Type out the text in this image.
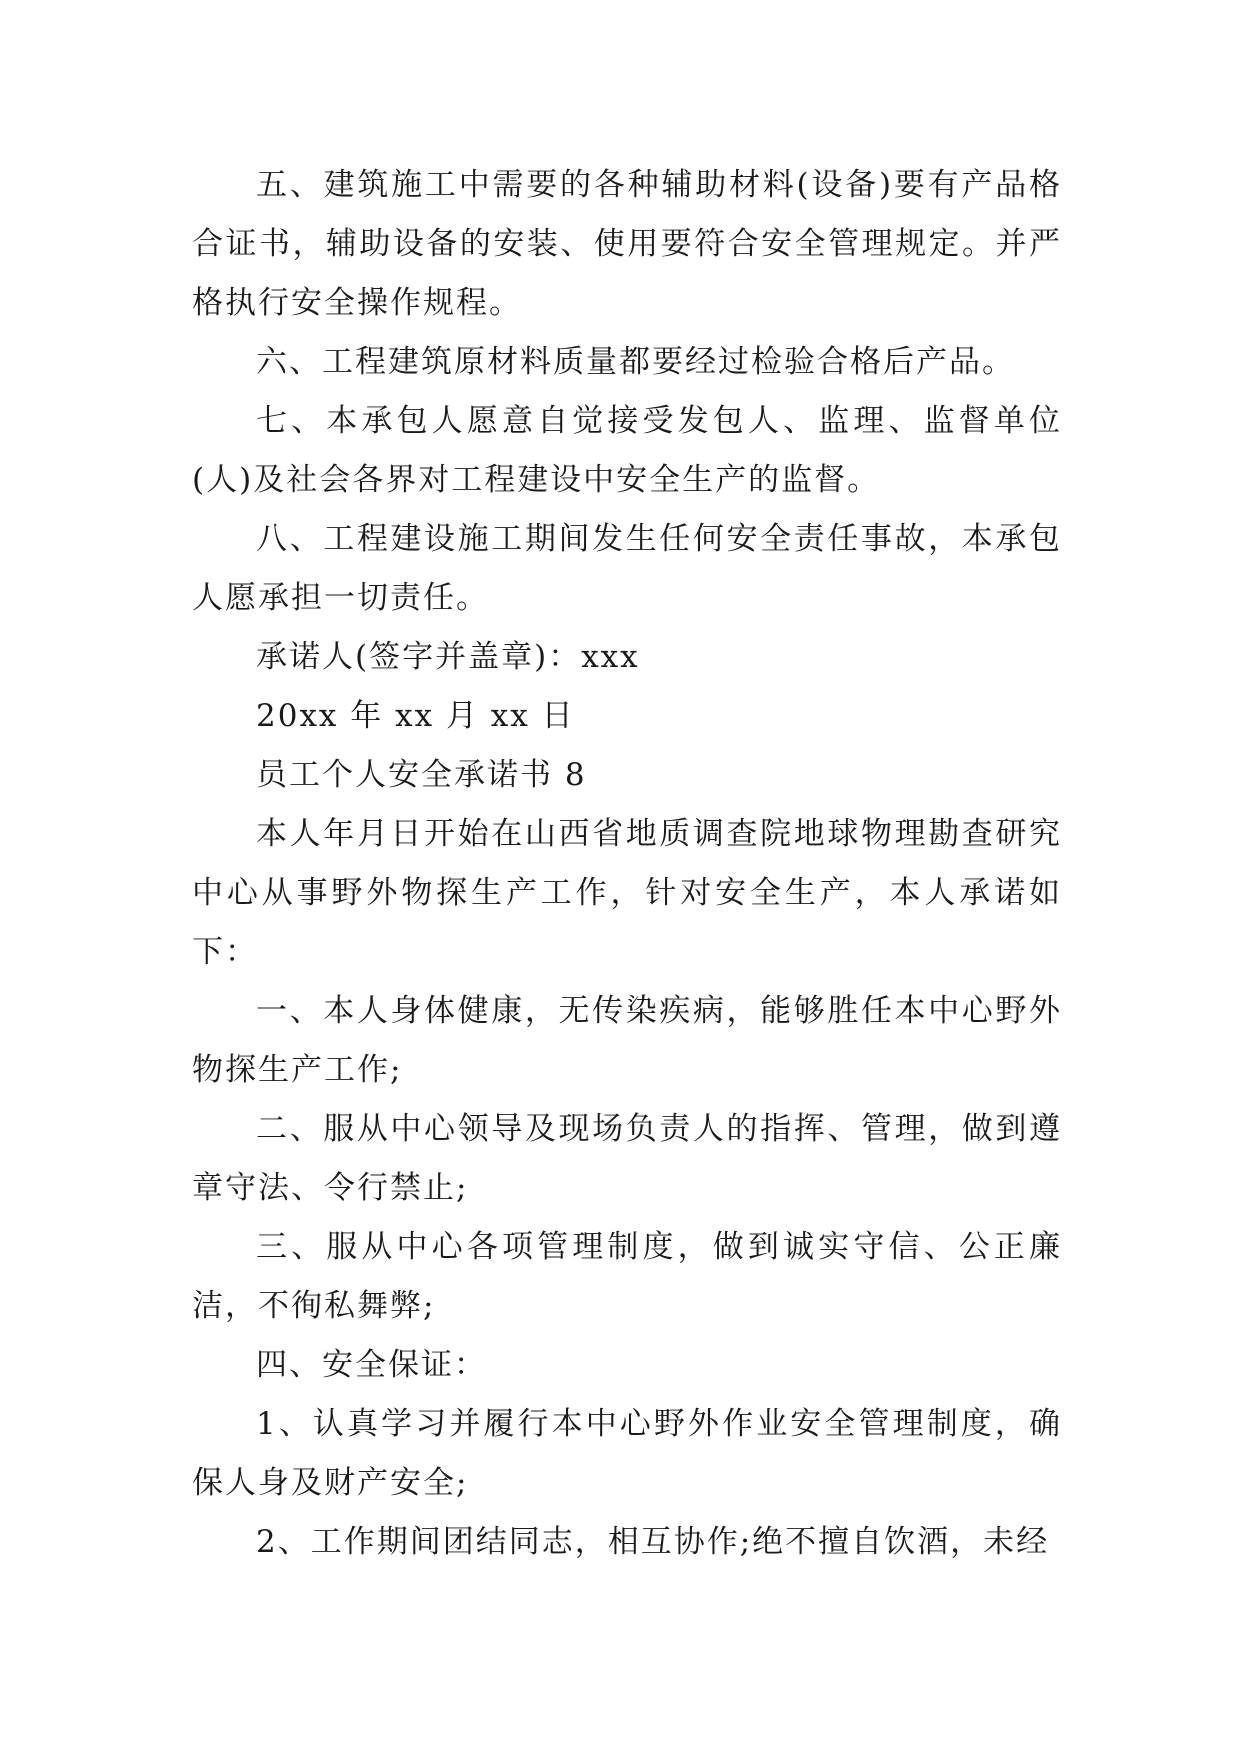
五、建筑施工中需要的各种辅助材料(设备)要有产品格合证书，辅助设备的安装、使用要符合安全管理规定。并严格执行安全操作规程。

六、工程建筑原材料质量都要经过检验合格后产品。

七、本承包人愿意自觉接受发包人、监理、监督单位(人)及社会各界对工程建设中安全生产的监督。

八、工程建设施工期间发生任何安全责任事故，本承包人愿承担一切责任。

承诺人(签字并盖章)：xxx

20xx 年 xx 月 xx 日

员工个人安全承诺书 8

本人年月日开始在山西省地质调查院地球物理勘查研究中心从事野外物探生产工作，针对安全生产，本人承诺如下：

一、本人身体健康，无传染疾病，能够胜任本中心野外物探生产工作;

二、服从中心领导及现场负责人的指挥、管理，做到遵章守法、令行禁止;

三、服从中心各项管理制度，做到诚实守信、公正廉洁，不徇私舞弊;

四、安全保证：

1、认真学习并履行本中心野外作业安全管理制度，确保人身及财产安全;

2、工作期间团结同志，相互协作;绝不擅自饮酒，未经
